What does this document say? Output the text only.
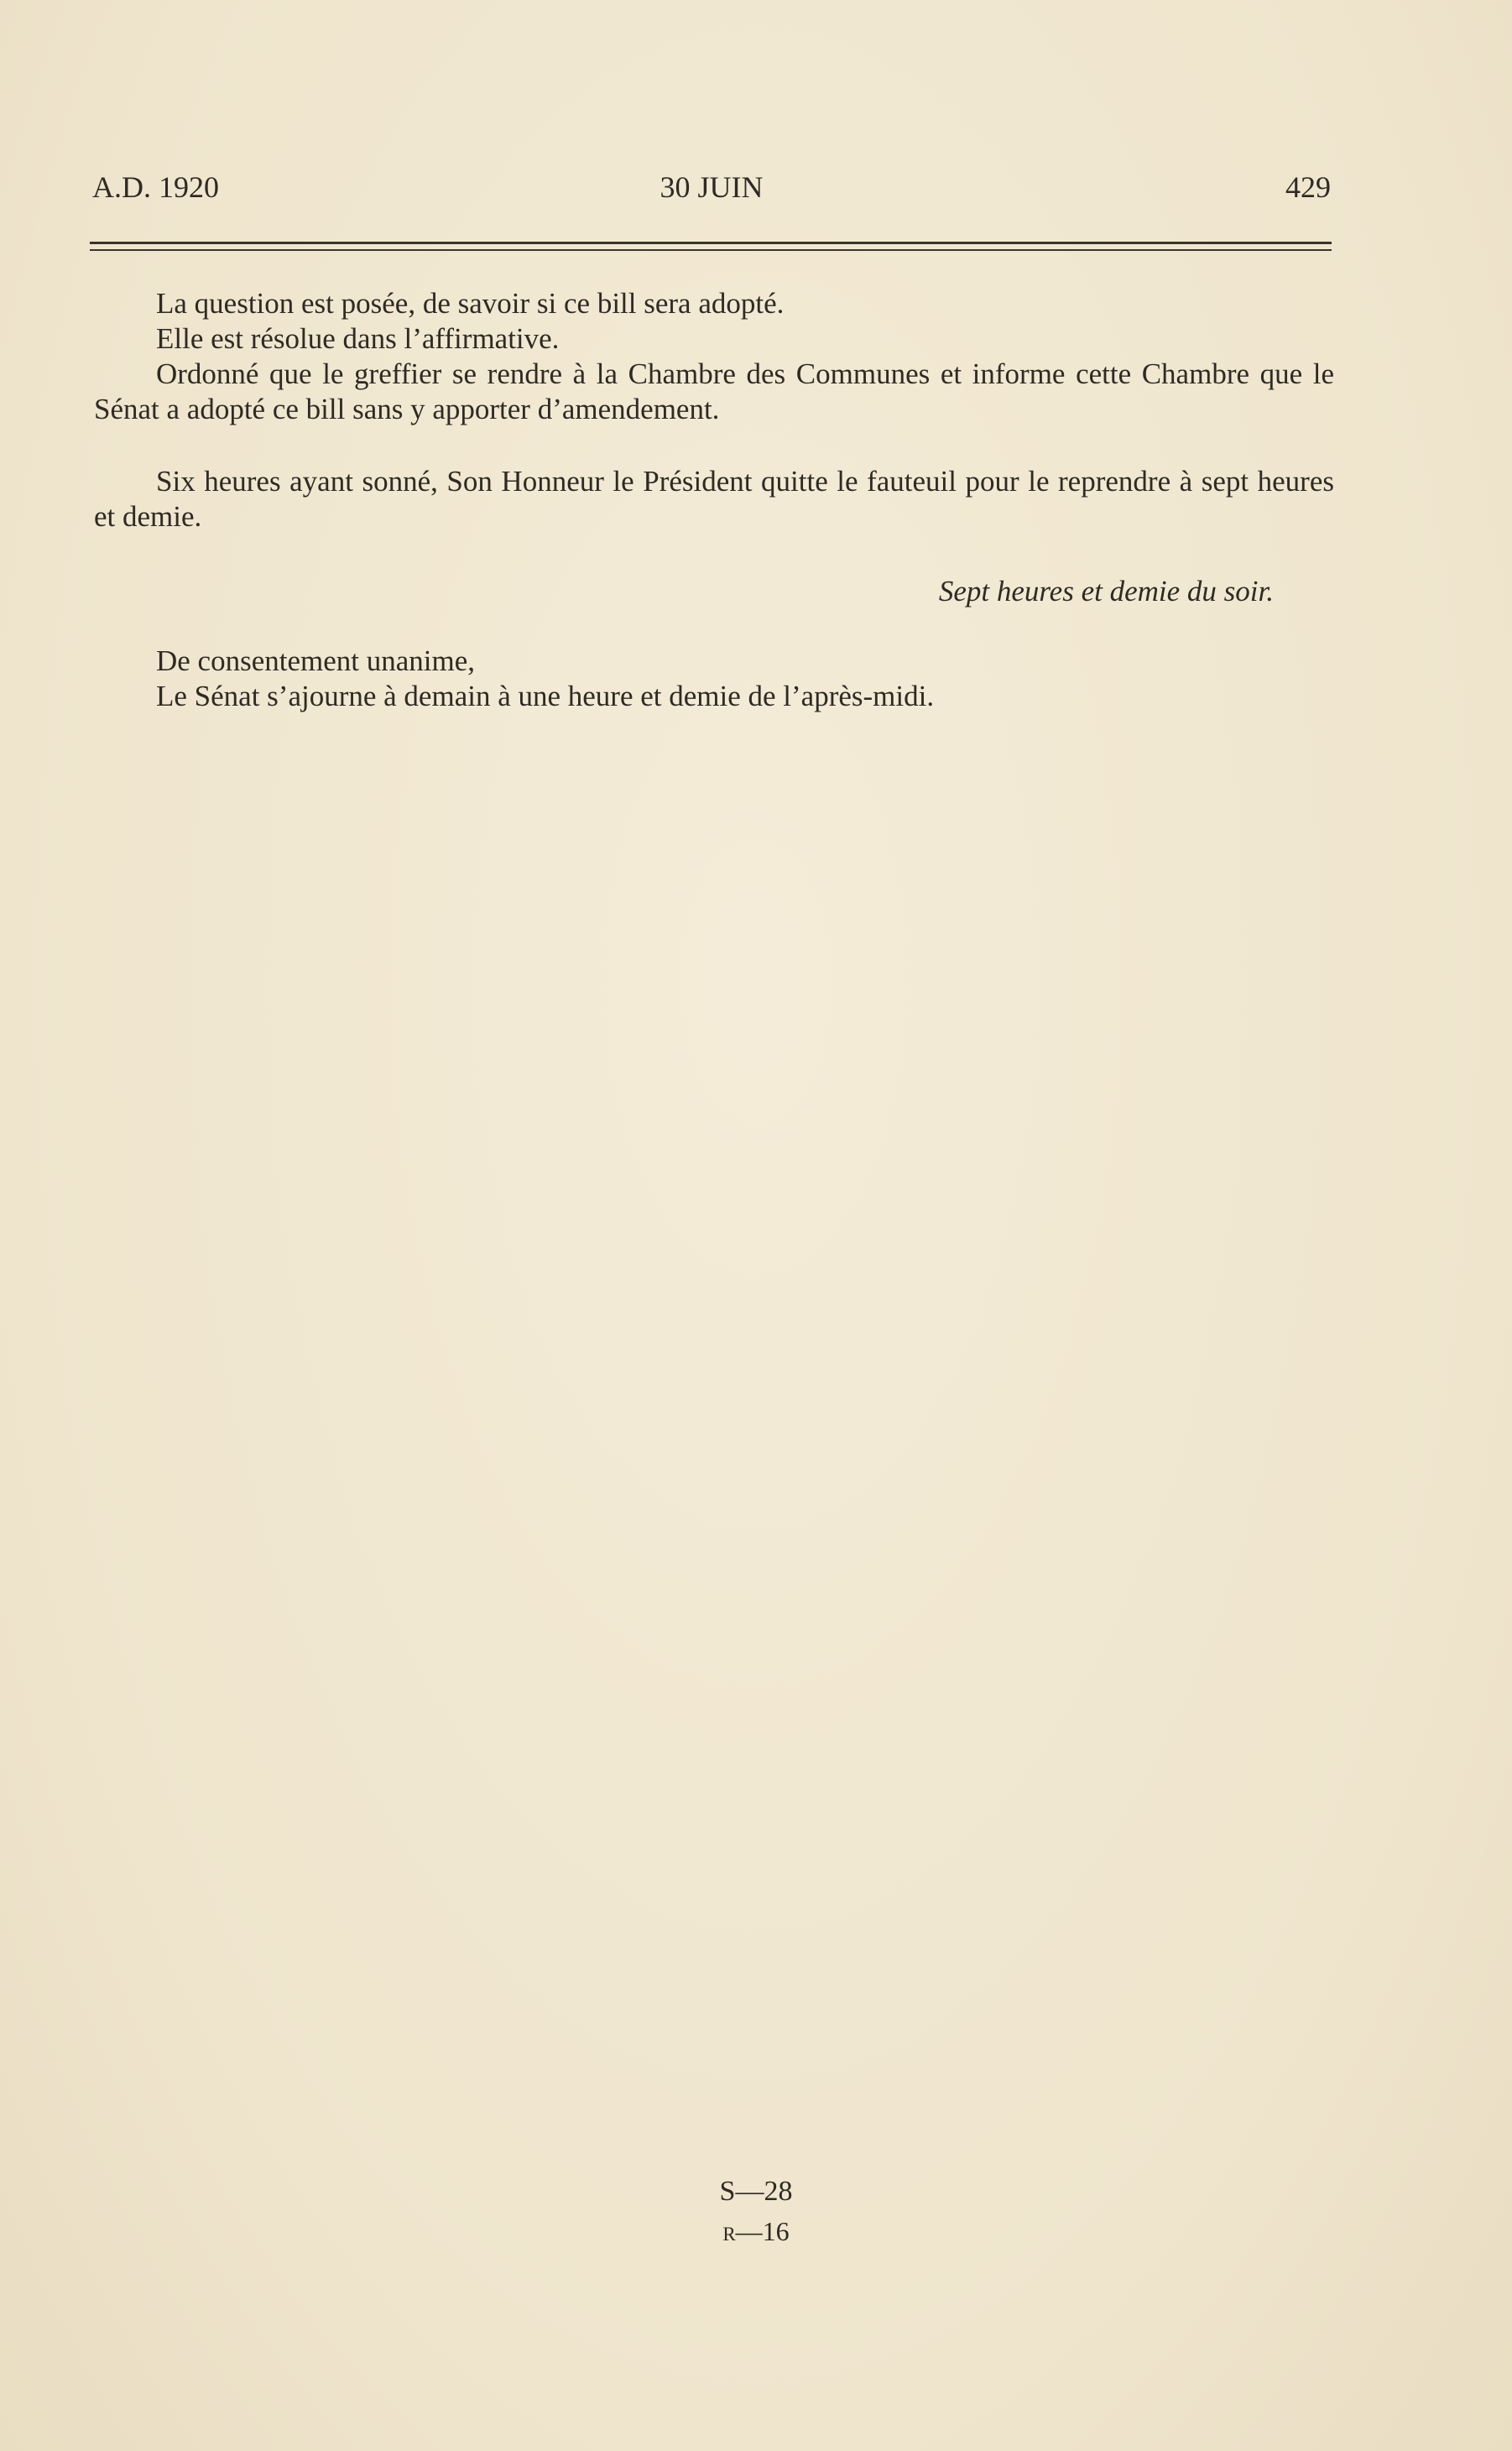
A.D. 1920	30 JUIN	429

La question est posée, de savoir si ce bill sera adopté.

Elle est résolue dans l’affirmative.

Ordonné que le greffier se rendre à la Chambre des Communes et informe cette Chambre que le Sénat a adopté ce bill sans y apporter d’amendement.

Six heures ayant sonné, Son Honneur le Président quitte le fauteuil pour le reprendre à sept heures et demie.

Sept heures et demie du soir.

De consentement unanime,

Le Sénat s’ajourne à demain à une heure et demie de l’après-midi.

S—28
R—16
